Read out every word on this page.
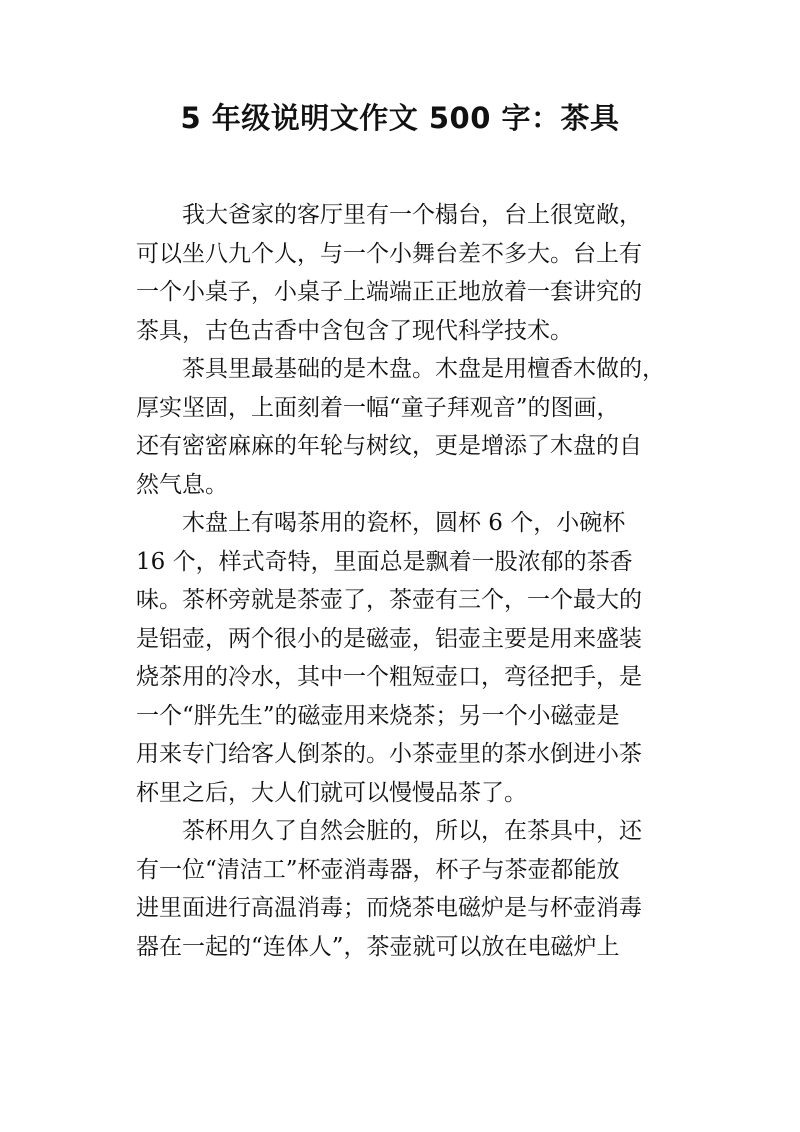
5 年级说明文作文 500 字：茶具

我大爸家的客厅里有一个榻台，台上很宽敞，
可以坐八九个人，与一个小舞台差不多大。台上有
一个小桌子，小桌子上端端正正地放着一套讲究的
茶具，古色古香中含包含了现代科学技术。

茶具里最基础的是木盘。木盘是用檀香木做的，
厚实坚固，上面刻着一幅“童子拜观音”的图画，
还有密密麻麻的年轮与树纹，更是增添了木盘的自
然气息。

木盘上有喝茶用的瓷杯，圆杯 6 个，小碗杯
16 个，样式奇特，里面总是飘着一股浓郁的茶香
味。茶杯旁就是茶壶了，茶壶有三个，一个最大的
是铝壶，两个很小的是磁壶，铝壶主要是用来盛装
烧茶用的冷水，其中一个粗短壶口，弯径把手，是
一个“胖先生”的磁壶用来烧茶；另一个小磁壶是
用来专门给客人倒茶的。小茶壶里的茶水倒进小茶
杯里之后，大人们就可以慢慢品茶了。

茶杯用久了自然会脏的，所以，在茶具中，还
有一位“清洁工”杯壶消毒器，杯子与茶壶都能放
进里面进行高温消毒；而烧茶电磁炉是与杯壶消毒
器在一起的“连体人”，茶壶就可以放在电磁炉上
